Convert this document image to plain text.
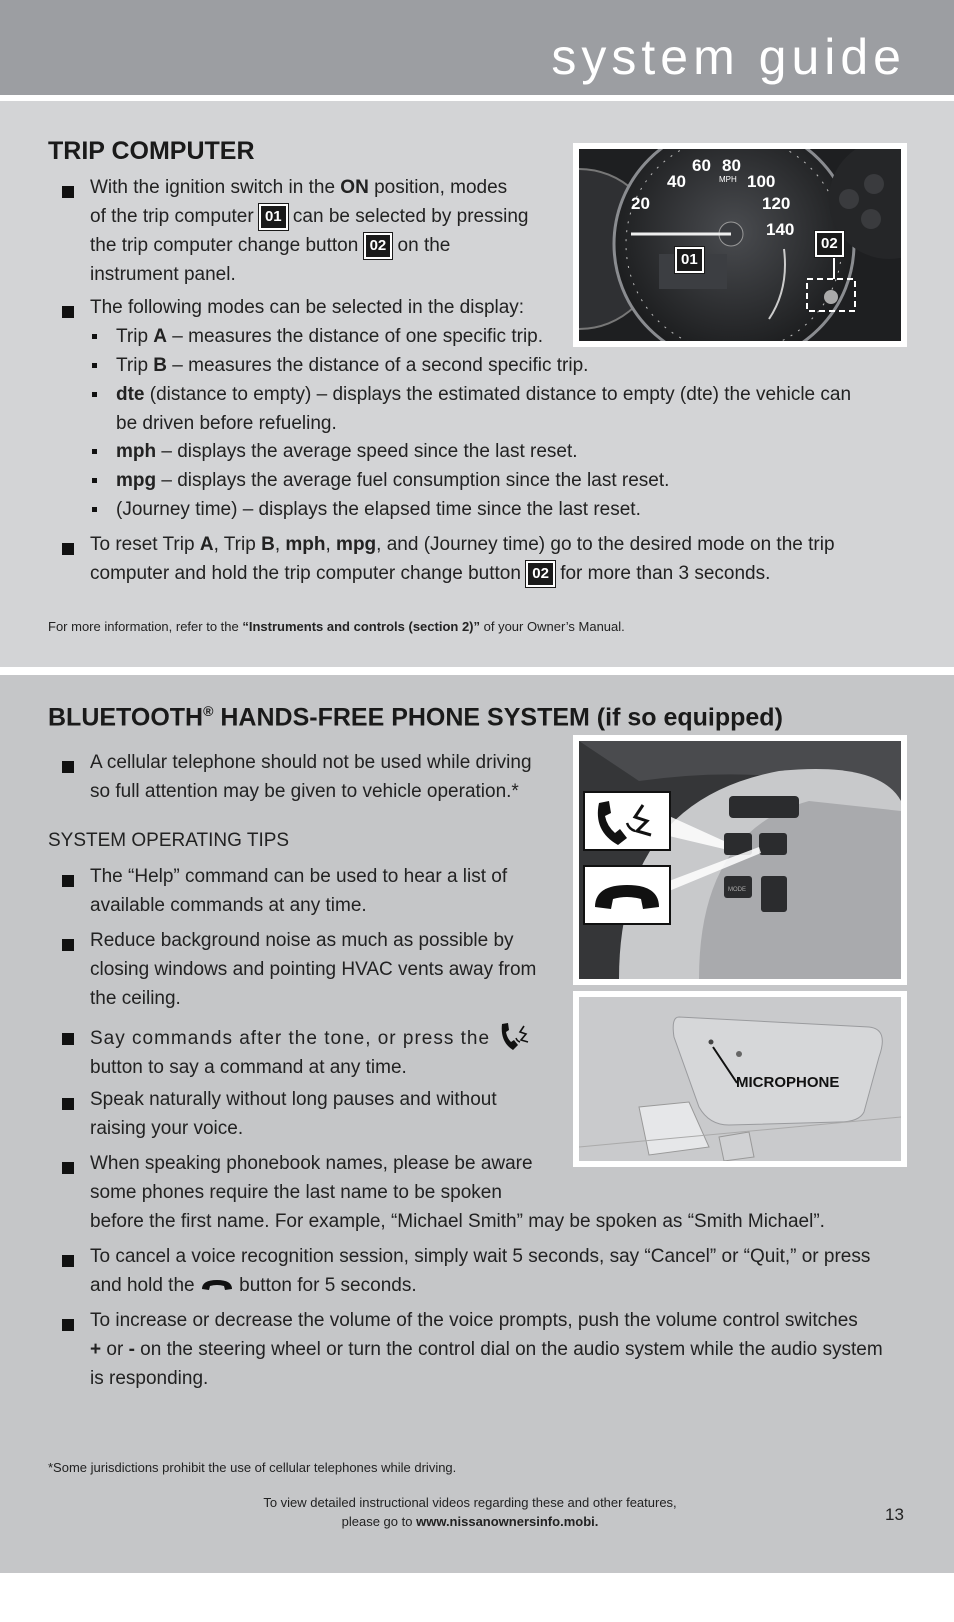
system guide
TRIP COMPUTER
With the ignition switch in the ON position, modes
of the trip computer 01 can be selected by pressing
the trip computer change button 02 on the
instrument panel.
The following modes can be selected in the display:
Trip A – measures the distance of one specific trip.
Trip B – measures the distance of a second specific trip.
dte (distance to empty) – displays the estimated distance to empty (dte) the vehicle can
be driven before refueling.
mph – displays the average speed since the last reset.
mpg – displays the average fuel consumption since the last reset.
(Journey time) – displays the elapsed time since the last reset.
To reset Trip A, Trip B, mph, mpg, and (Journey time) go to the desired mode on the trip
computer and hold the trip computer change button 02 for more than 3 seconds.
For more information, refer to the “Instruments and controls (section 2)” of your Owner’s Manual.
20
40
60 80
100
120
140
MPH
01
02
BLUETOOTH® HANDS-FREE PHONE SYSTEM (if so equipped)
A cellular telephone should not be used while driving
so full attention may be given to vehicle operation.*
SYSTEM OPERATING TIPS
The “Help” command can be used to hear a list of
available commands at any time.
Reduce background noise as much as possible by
closing windows and pointing HVAC vents away from
the ceiling.
Say commands after the tone, or press the
button to say a command at any time.
Speak naturally without long pauses and without
raising your voice.
When speaking phonebook names, please be aware
some phones require the last name to be spoken
before the first name. For example, “Michael Smith” may be spoken as “Smith Michael”.
To cancel a voice recognition session, simply wait 5 seconds, say “Cancel” or “Quit,” or press
and hold the  button for 5 seconds.
To increase or decrease the volume of the voice prompts, push the volume control switches
+ or - on the steering wheel or turn the control dial on the audio system while the audio system
is responding.
*Some jurisdictions prohibit the use of cellular telephones while driving.
To view detailed instructional videos regarding these and other features,
please go to www.nissanownersinfo.mobi.	13
MODE
MICROPHONE
